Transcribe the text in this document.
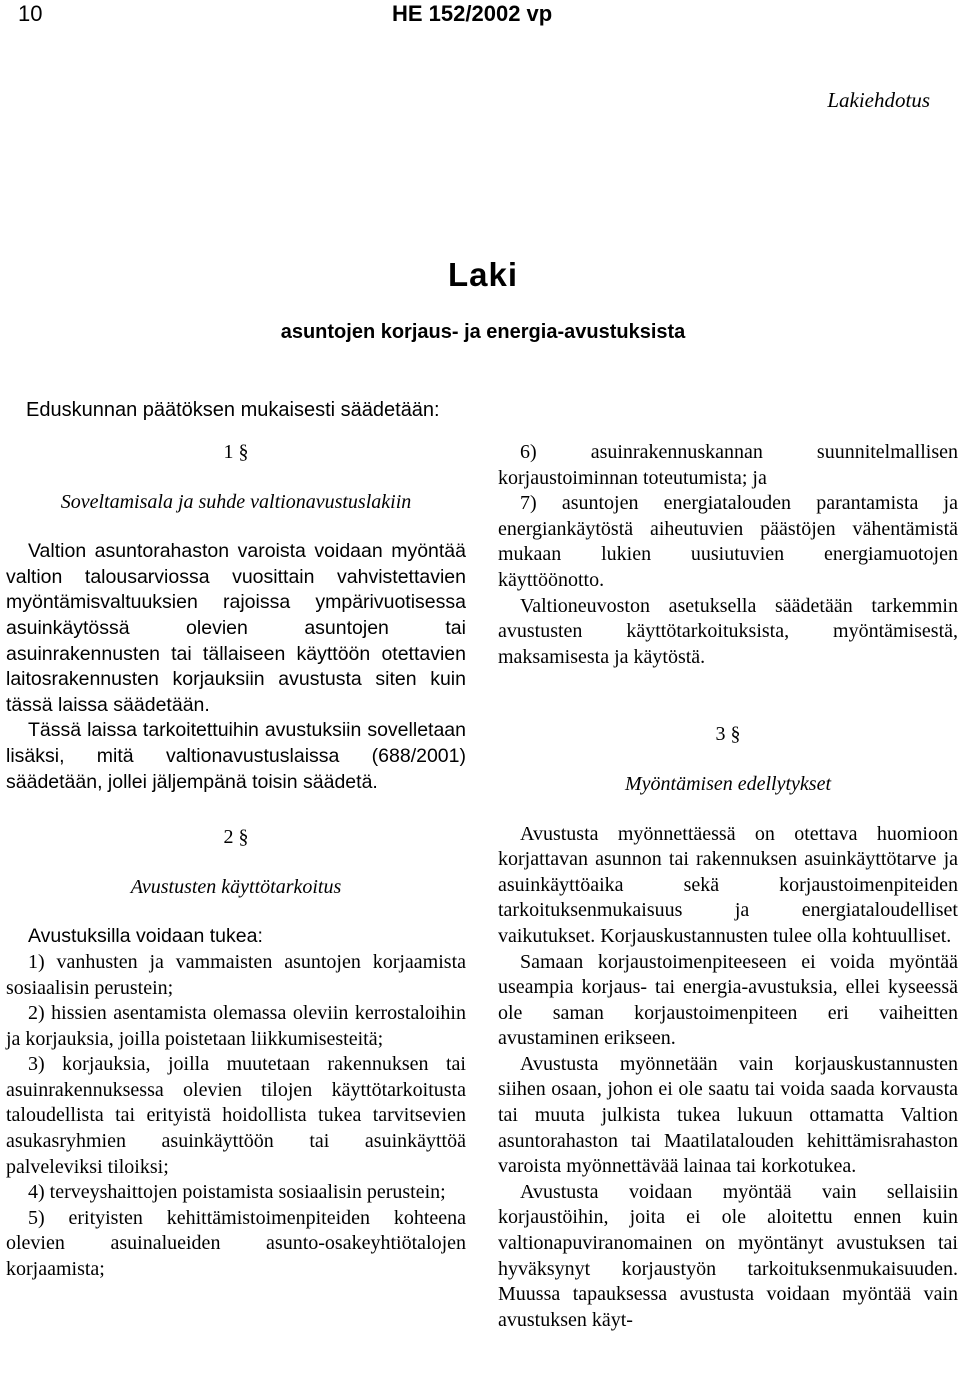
10	HE 152/2002 vp
Lakiehdotus
Laki
asuntojen korjaus- ja energia-avustuksista
Eduskunnan päätöksen mukaisesti säädetään:
1 §
Soveltamisala ja suhde valtionavustuslakiin

Valtion asuntorahaston varoista voidaan myöntää valtion talousarviossa vuosittain vahvistettavien myöntämisvaltuuksien rajoissa ympärivuotisessa asuinkäytössä olevien asuntojen tai asuinrakennusten tai tällaiseen käyttöön otettavien laitosrakennusten korjauksiin avustusta siten kuin tässä laissa säädetään.

Tässä laissa tarkoitettuihin avustuksiin sovelletaan lisäksi, mitä valtionavustuslaissa (688/2001) säädetään, jollei jäljempänä toisin säädetä.

2 §
Avustusten käyttötarkoitus

Avustuksilla voidaan tukea:

1) vanhusten ja vammaisten asuntojen korjaamista sosiaalisin perustein;

2) hissien asentamista olemassa oleviin kerrostaloihin ja korjauksia, joilla poistetaan liikkumisesteitä;

3) korjauksia, joilla muutetaan rakennuksen tai asuinrakennuksessa olevien tilojen käyttötarkoitusta taloudellista tai erityistä hoidollista tukea tarvitsevien asukasryhmien asuinkäyttöön tai asuinkäyttöä palveleviksi tiloiksi;

4) terveyshaittojen poistamista sosiaalisin perustein;

5) erityisten kehittämistoimenpiteiden kohteena olevien asuinalueiden asunto-osakeyhtiötalojen korjaamista;

6) asuinrakennuskannan suunnitelmallisen korjaustoiminnan toteutumista; ja

7) asuntojen energiatalouden parantamista ja energiankäytöstä aiheutuvien päästöjen vähentämistä mukaan lukien uusiutuvien energiamuotojen käyttöönotto.

Valtioneuvoston asetuksella säädetään tarkemmin avustusten käyttötarkoituksista, myöntämisestä, maksamisesta ja käytöstä.

3 §
Myöntämisen edellytykset

Avustusta myönnettäessä on otettava huomioon korjattavan asunnon tai rakennuksen asuinkäyttötarve ja asuinkäyttöaika sekä korjaustoimenpiteiden tarkoituksenmukaisuus ja energiataloudelliset vaikutukset. Korjauskustannusten tulee olla kohtuulliset.

Samaan korjaustoimenpiteeseen ei voida myöntää useampia korjaus- tai energia-avustuksia, ellei kyseessä ole saman korjaustoimenpiteen eri vaiheitten avustaminen erikseen.

Avustusta myönnetään vain korjauskustannusten siihen osaan, johon ei ole saatu tai voida saada korvausta tai muuta julkista tukea lukuun ottamatta Valtion asuntorahaston tai Maatilatalouden kehittämisrahaston varoista myönnettävää lainaa tai korkotukea.

Avustusta voidaan myöntää vain sellaisiin korjaustöihin, joita ei ole aloitettu ennen kuin valtionapuviranomainen on myöntänyt avustuksen tai hyväksynyt korjaustyön tarkoituksenmukaisuuden. Muussa tapauksessa avustusta voidaan myöntää vain avustuksen käyt-
